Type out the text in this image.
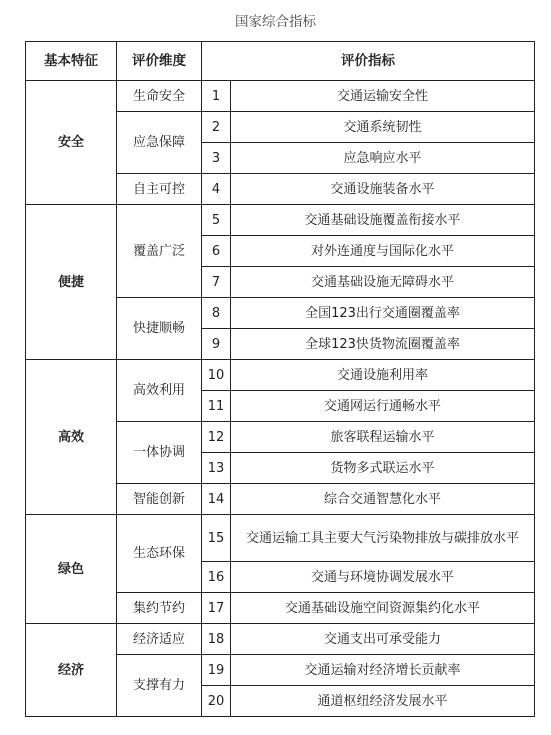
国家综合指标
基本特征	评价维度	评价指标	
安全	生命安全	1	交通运输安全性
	应急保障	2	交通系统韧性
		3	应急响应水平
	自主可控	4	交通设施装备水平
便捷	覆盖广泛	5	交通基础设施覆盖衔接水平
		6	对外连通度与国际化水平
		7	交通基础设施无障碍水平
	快捷顺畅	8	全国123出行交通圈覆盖率
		9	全球123快货物流圈覆盖率
高效	高效利用	10	交通设施利用率
		11	交通网运行通畅水平
	一体协调	12	旅客联程运输水平
		13	货物多式联运水平
	智能创新	14	综合交通智慧化水平
绿色	生态环保	15	交通运输工具主要大气污染物排放与碳排放水平
		16	交通与环境协调发展水平
	集约节约	17	交通基础设施空间资源集约化水平
经济	经济适应	18	交通支出可承受能力
	支撑有力	19	交通运输对经济增长贡献率
		20	通道枢纽经济发展水平
